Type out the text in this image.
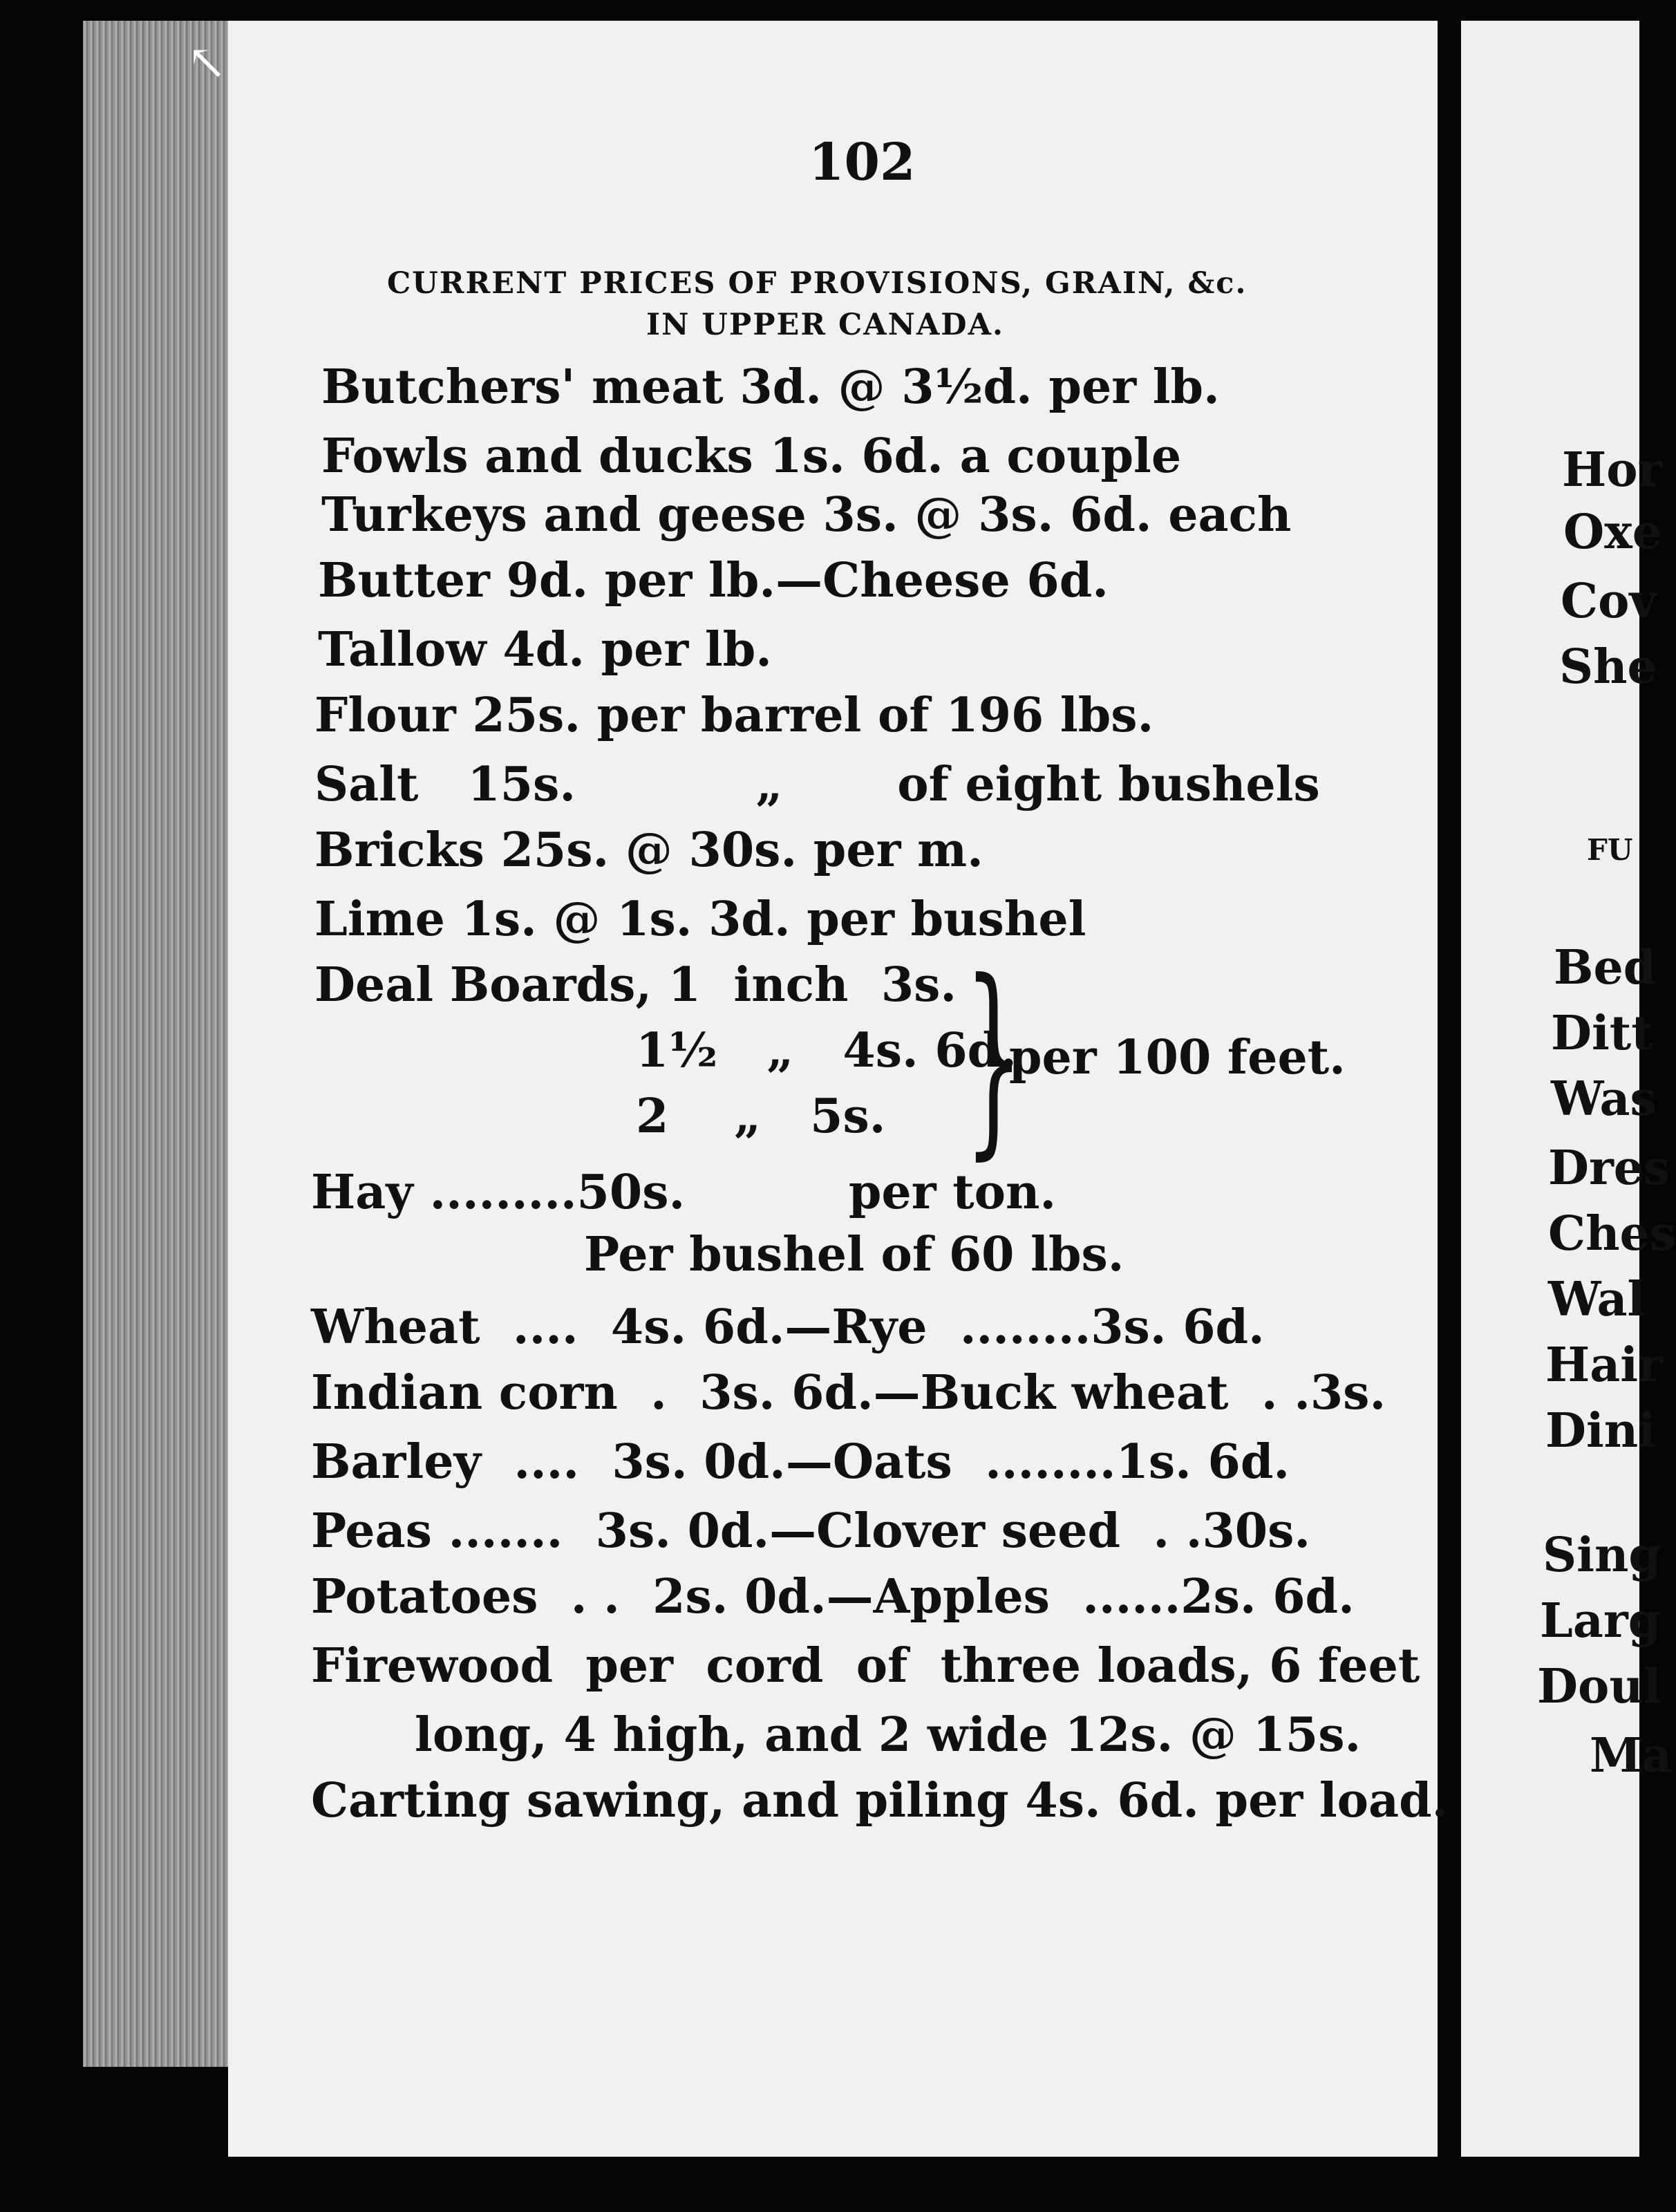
↖
102
CURRENT PRICES OF PROVISIONS, GRAIN, &c.
IN UPPER CANADA.
Butchers' meat 3d. @ 3½d. per lb.
Fowls and ducks 1s. 6d. a couple
Turkeys and geese 3s. @ 3s. 6d. each
Butter 9d. per lb.—Cheese 6d.
Tallow 4d. per lb.
Flour 25s. per barrel of 196 lbs.
Salt   15s.           „       of eight bushels
Bricks 25s. @ 30s. per m.
Lime 1s. @ 1s. 3d. per bushel
Deal Boards, 1  inch  3s.
1½   „   4s. 6d.
2    „   5s. }
per 100 feet.
Hay .........50s.          per ton.
Per bushel of 60 lbs.
Wheat  ....  4s. 6d.—Rye  ........3s. 6d.
Indian corn  .  3s. 6d.—Buck wheat  . .3s.
Barley  ....  3s. 0d.—Oats  ........1s. 6d.
Peas .......  3s. 0d.—Clover seed  . .30s.
Potatoes  . .  2s. 0d.—Apples  ......2s. 6d.
Firewood  per  cord  of  three loads, 6 feet
long, 4 high, and 2 wide 12s. @ 15s.
Carting sawing, and piling 4s. 6d. per load.
Hor
Oxe
Cov
She
FU
Bed
Ditt
Was
Dres
Ches
Wal
Hair
Dini
Sing
Larg
Doul
Ma
